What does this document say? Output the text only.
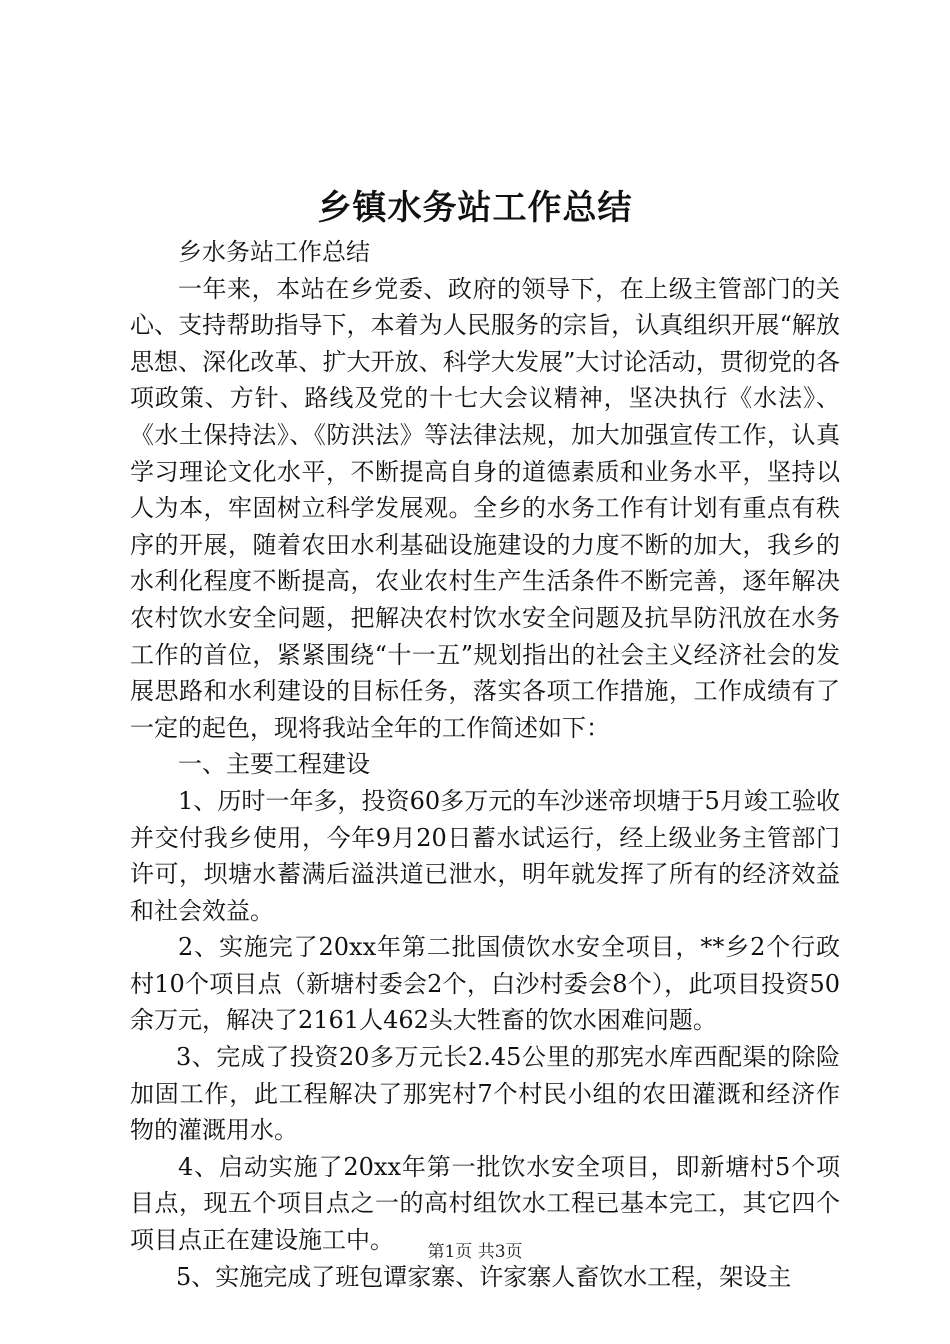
乡镇水务站工作总结

乡水务站工作总结

一年来，本站在乡党委、政府的领导下，在上级主管部门的关心、支持帮助指导下，本着为人民服务的宗旨，认真组织开展“解放思想、深化改革、扩大开放、科学大发展”大讨论活动，贯彻党的各项政策、方针、路线及党的十七大会议精神，坚决执行《水法》、《水土保持法》、《防洪法》等法律法规，加大加强宣传工作，认真学习理论文化水平，不断提高自身的道德素质和业务水平，坚持以人为本，牢固树立科学发展观。全乡的水务工作有计划有重点有秩序的开展，随着农田水利基础设施建设的力度不断的加大，我乡的水利化程度不断提高，农业农村生产生活条件不断完善，逐年解决农村饮水安全问题，把解决农村饮水安全问题及抗旱防汛放在水务工作的首位，紧紧围绕“十一五”规划指出的社会主义经济社会的发展思路和水利建设的目标任务，落实各项工作措施，工作成绩有了一定的起色，现将我站全年的工作简述如下：

一、主要工程建设

1、历时一年多，投资60多万元的车沙迷帝坝塘于5月竣工验收并交付我乡使用，今年9月20日蓄水试运行，经上级业务主管部门许可，坝塘水蓄满后溢洪道已泄水，明年就发挥了所有的经济效益和社会效益。

2、实施完了20xx年第二批国债饮水安全项目，**乡2个行政村10个项目点（新塘村委会2个，白沙村委会8个），此项目投资50余万元，解决了2161人462头大牲畜的饮水困难问题。

3、完成了投资20多万元长2.45公里的那宪水库西配渠的除险加固工作，此工程解决了那宪村7个村民小组的农田灌溉和经济作物的灌溉用水。

4、启动实施了20xx年第一批饮水安全项目，即新塘村5个项目点，现五个项目点之一的高村组饮水工程已基本完工，其它四个项目点正在建设施工中。

5、实施完成了班包谭家寨、许家寨人畜饮水工程，架设主

第1页 共3页
